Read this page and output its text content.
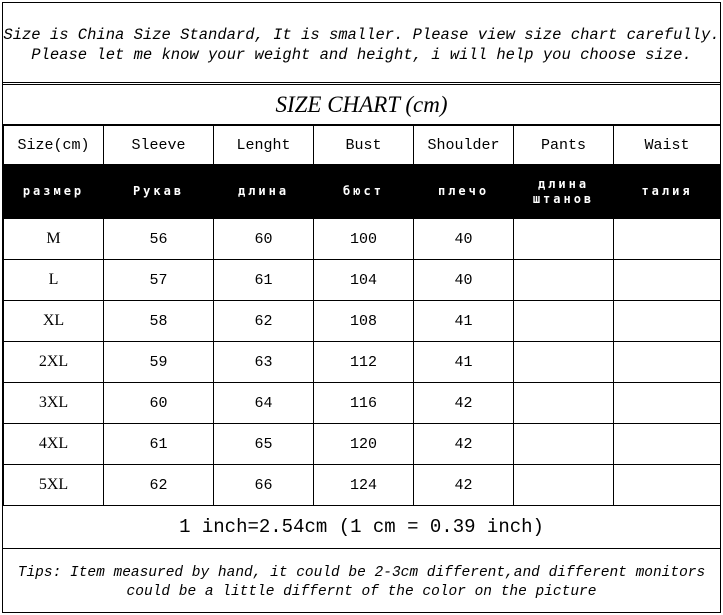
Size is China Size Standard, It is smaller. Please view size chart carefully.
Please let me know your weight and height, i will help you choose size.
SIZE CHART (cm)
Size(cm)	Sleeve	Lenght	Bust	Shoulder	Pants	Waist
размер	Рукав	длина	бюст	плечо	длина штанов	талия
M	56	60	100	40		
L	57	61	104	40		
XL	58	62	108	41		
2XL	59	63	112	41		
3XL	60	64	116	42		
4XL	61	65	120	42		
5XL	62	66	124	42		
1 inch=2.54cm (1 cm = 0.39 inch)
Tips: Item measured by hand, it could be 2-3cm different,and different monitors
could be a little differnt of the color on the picture
